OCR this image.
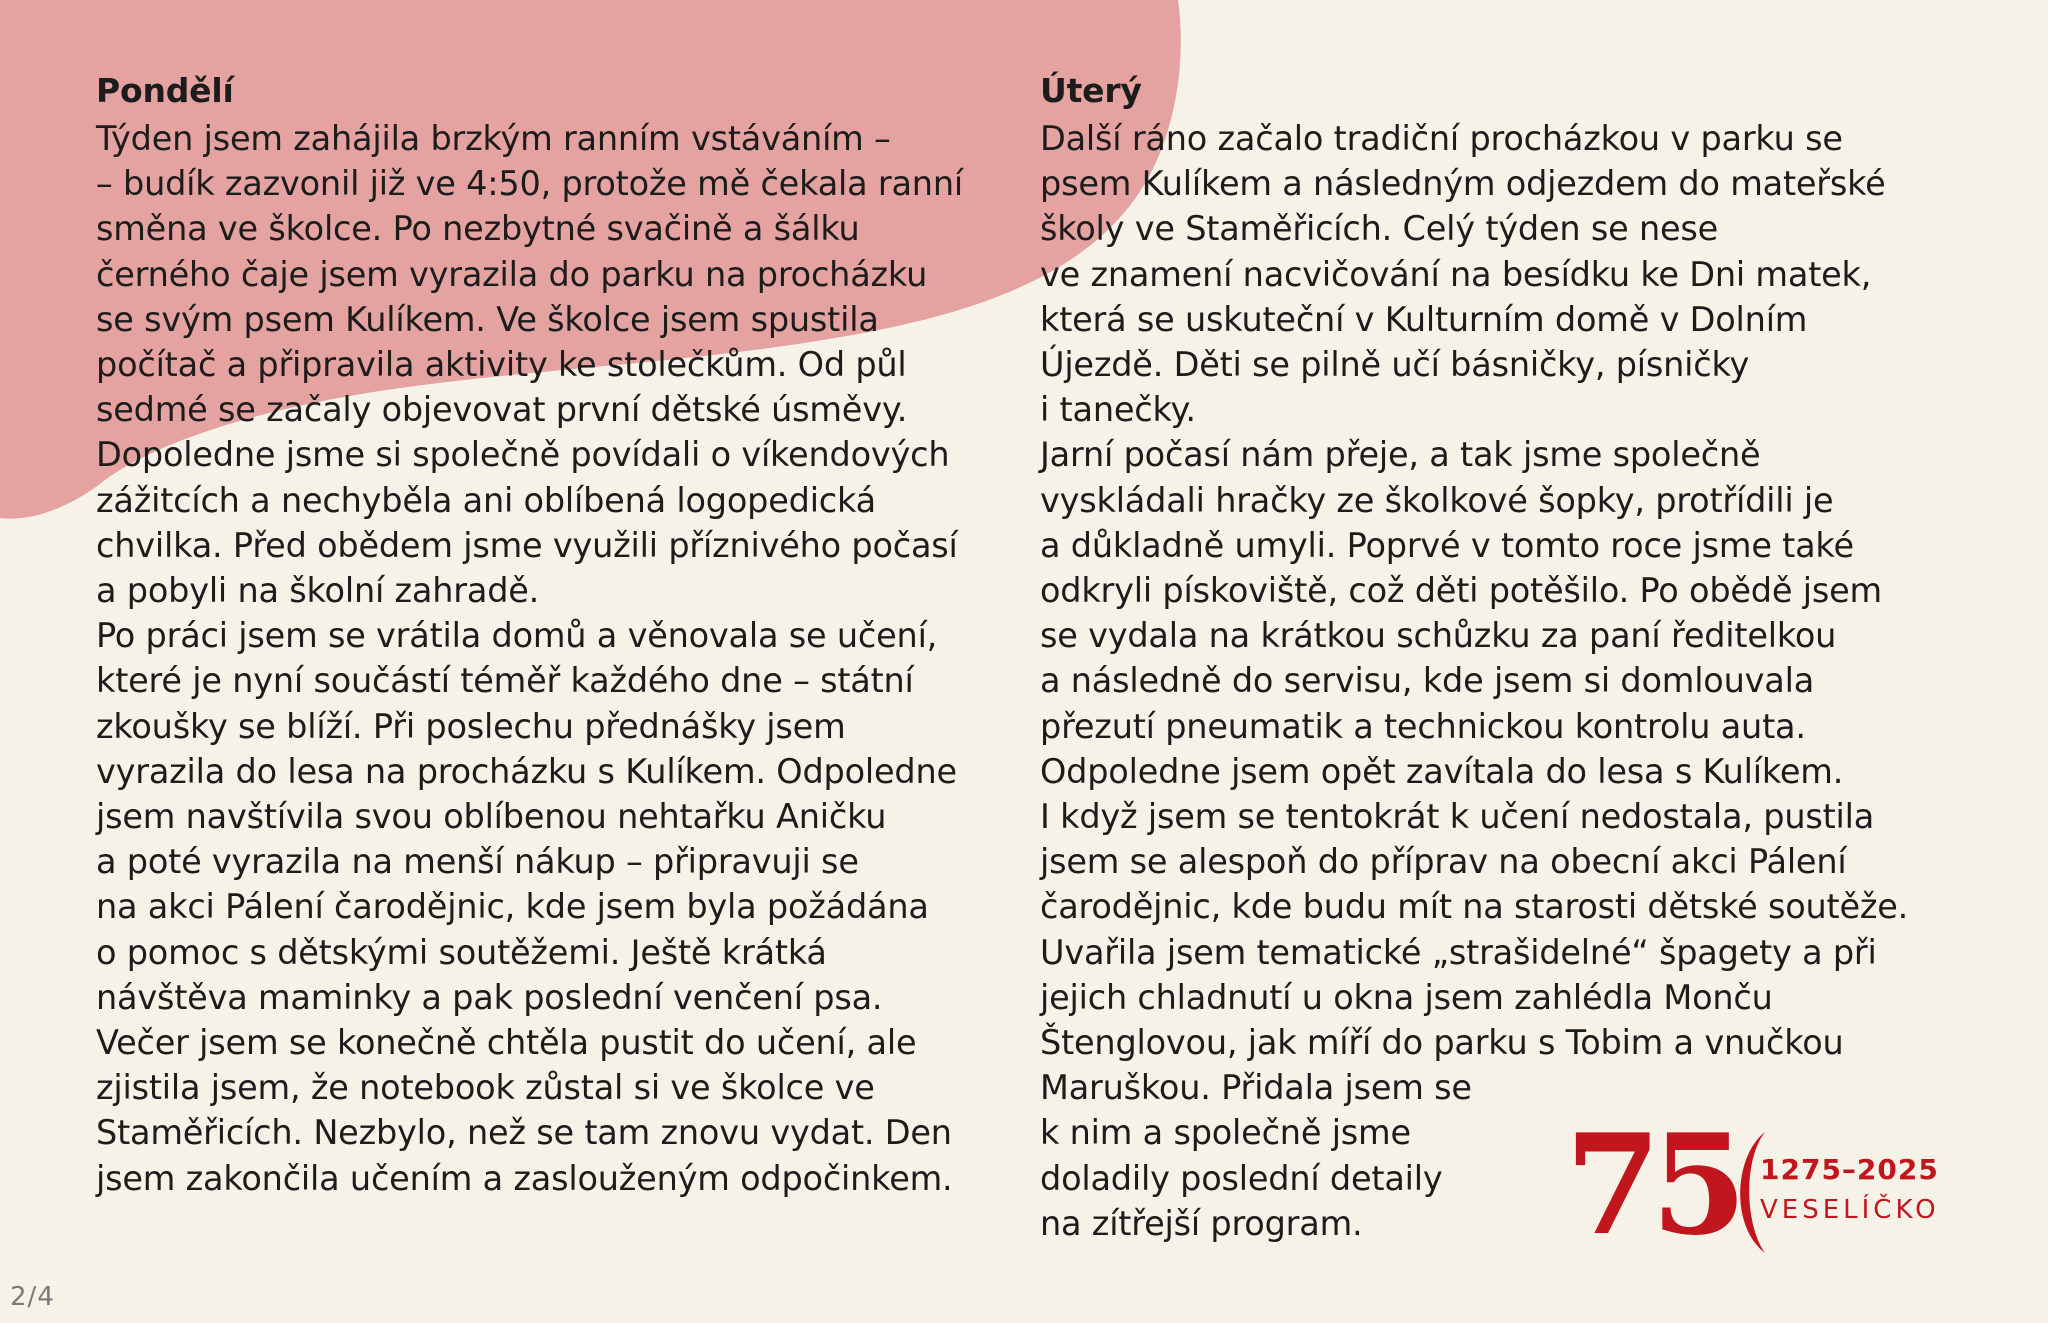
Pondělí
Týden jsem zahájila brzkým ranním vstáváním –
– budík zazvonil již ve 4:50, protože mě čekala ranní
směna ve školce. Po nezbytné svačině a šálku
černého čaje jsem vyrazila do parku na procházku
se svým psem Kulíkem. Ve školce jsem spustila
počítač a připravila aktivity ke stolečkům. Od půl
sedmé se začaly objevovat první dětské úsměvy.
Dopoledne jsme si společně povídali o víkendových
zážitcích a nechyběla ani oblíbená logopedická
chvilka. Před obědem jsme využili příznivého počasí
a pobyli na školní zahradě.
Po práci jsem se vrátila domů a věnovala se učení,
které je nyní součástí téměř každého dne – státní
zkoušky se blíží. Při poslechu přednášky jsem
vyrazila do lesa na procházku s Kulíkem. Odpoledne
jsem navštívila svou oblíbenou nehtařku Aničku
a poté vyrazila na menší nákup – připravuji se
na akci Pálení čarodějnic, kde jsem byla požádána
o pomoc s dětskými soutěžemi. Ještě krátká
návštěva maminky a pak poslední venčení psa.
Večer jsem se konečně chtěla pustit do učení, ale
zjistila jsem, že notebook zůstal si ve školce ve
Staměřicích. Nezbylo, než se tam znovu vydat. Den
jsem zakončila učením a zaslouženým odpočinkem.
Úterý
Další ráno začalo tradiční procházkou v parku se
psem Kulíkem a následným odjezdem do mateřské
školy ve Staměřicích. Celý týden se nese
ve znamení nacvičování na besídku ke Dni matek,
která se uskuteční v Kulturním domě v Dolním
Újezdě. Děti se pilně učí básničky, písničky
i tanečky.
Jarní počasí nám přeje, a tak jsme společně
vyskládali hračky ze školkové šopky, protřídili je
a důkladně umyli. Poprvé v tomto roce jsme také
odkryli pískoviště, což děti potěšilo. Po obědě jsem
se vydala na krátkou schůzku za paní ředitelkou
a následně do servisu, kde jsem si domlouvala
přezutí pneumatik a technickou kontrolu auta.
Odpoledne jsem opět zavítala do lesa s Kulíkem.
I když jsem se tentokrát k učení nedostala, pustila
jsem se alespoň do příprav na obecní akci Pálení
čarodějnic, kde budu mít na starosti dětské soutěže.
Uvařila jsem tematické „strašidelné“ špagety a při
jejich chladnutí u okna jsem zahlédla Monču
Štenglovou, jak míří do parku s Tobim a vnučkou
Maruškou. Přidala jsem se
k nim a společně jsme
doladily poslední detaily
na zítřejší program.	75 1275–2025
VESELÍČKO
2/4
